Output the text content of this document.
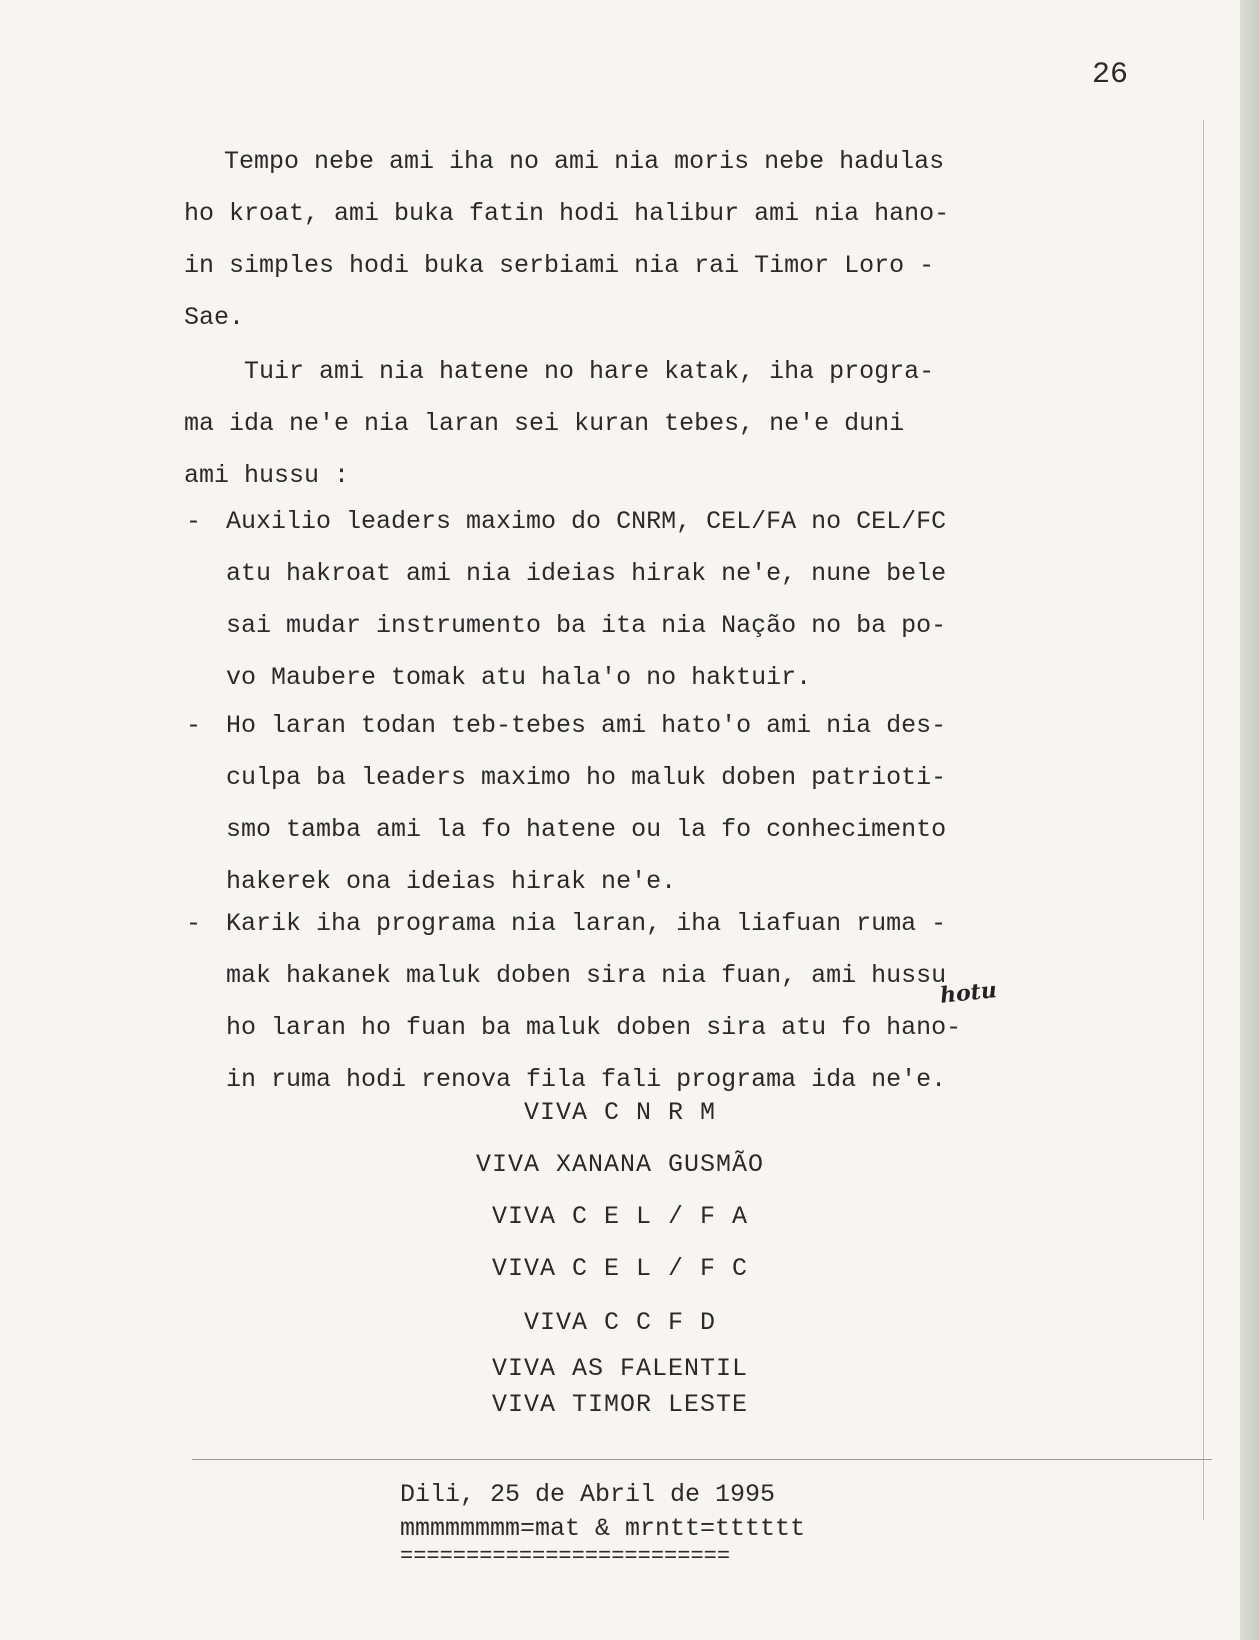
26
Tempo nebe ami iha no ami nia moris nebe hadulas
ho kroat, ami buka fatin hodi halibur ami nia hano-
in simples hodi buka serbiami nia rai Timor Loro -
Sae.
Tuir ami nia hatene no hare katak, iha progra-
ma ida ne'e nia laran sei kuran tebes, ne'e duni
ami hussu :
- Auxilio leaders maximo do CNRM, CEL/FA no CEL/FC
atu hakroat ami nia ideias hirak ne'e, nune bele
sai mudar instrumento ba ita nia Nação no ba po-
vo Maubere tomak atu hala'o no haktuir.
- Ho laran todan teb-tebes ami hato'o ami nia des-
culpa ba leaders maximo ho maluk doben patrioti-
smo tamba ami la fo hatene ou la fo conhecimento
hakerek ona ideias hirak ne'e.
- Karik iha programa nia laran, iha liafuan ruma -
mak hakanek maluk doben sira nia fuan, ami hussu
ho laran ho fuan ba maluk doben sira atu fo hano-
in ruma hodi renova fila fali programa ida ne'e.
hotu
VIVA C N R M
VIVA XANANA GUSMÃO
VIVA C E L / F A
VIVA C E L / F C
VIVA C C F D
VIVA AS FALENTIL
VIVA TIMOR LESTE
Dili, 25 de Abril de 1995
mmmmmmmm=mat & mrntt=tttttt
=========================
